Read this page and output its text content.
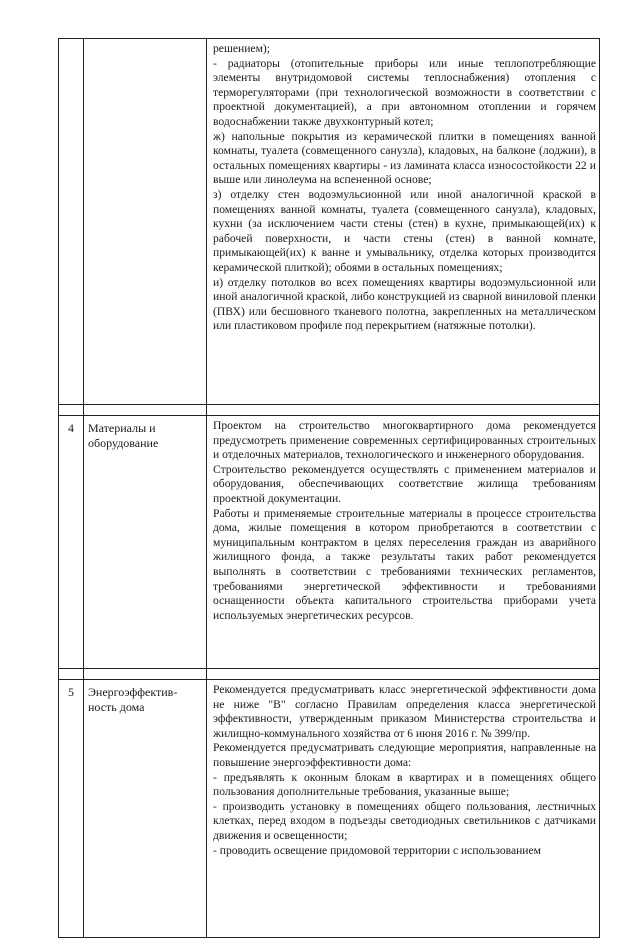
		решением);

- радиаторы (отопительные приборы или иные теплопотребляющие элементы внутридомовой системы теплоснабжения) отопления с терморегуляторами (при технологической возможности в соответствии с проектной документацией), а при автономном отоплении и горячем водоснабжении также двухконтурный котел;

ж) напольные покрытия из керамической плитки в помещениях ванной комнаты, туалета (совмещенного санузла), кладовых, на балконе (лоджии), в остальных помещениях квартиры - из ламината класса износостойкости 22 и выше или линолеума на вспененной основе;

з) отделку стен водоэмульсионной или иной аналогичной краской в помещениях ванной комнаты, туалета (совмещенного санузла), кладовых, кухни (за исключением части стены (стен) в кухне, примыкающей(их) к рабочей поверхности, и части стены (стен) в ванной комнате, примыкающей(их) к ванне и умывальнику, отделка которых производится керамической плиткой); обоями в остальных помещениях;

и) отделку потолков во всех помещениях квартиры водоэмульсионной или иной аналогичной краской, либо конструкцией из сварной виниловой пленки (ПВХ) или бесшовного тканевого полотна, закрепленных на металлическом или пластиковом профиле под перекрытием (натяжные потолки).

4	Материалы и оборудование	Проектом на строительство многоквартирного дома рекомендуется предусмотреть применение современных сертифицированных строительных и отделочных материалов, технологического и инженерного оборудования.

Строительство рекомендуется осуществлять с применением материалов и оборудования, обеспечивающих соответствие жилища требованиям проектной документации.

Работы и применяемые строительные материалы в процессе строительства дома, жилые помещения в котором приобретаются в соответствии с муниципальным контрактом в целях переселения граждан из аварийного жилищного фонда, а также результаты таких работ рекомендуется выполнять в соответствии с требованиями технических регламентов, требованиями энергетической эффективности и требованиями оснащенности объекта капитального строительства приборами учета используемых энергетических ресурсов.

5	Энергоэффектив-ность дома	Рекомендуется предусматривать класс энергетической эффективности дома не ниже "В" согласно Правилам определения класса энергетической эффективности, утвержденным приказом Министерства строительства и жилищно-коммунального хозяйства от 6 июня 2016 г. № 399/пр.

Рекомендуется предусматривать следующие мероприятия, направленные на повышение энергоэффективности дома:

- предъявлять к оконным блокам в квартирах и в помещениях общего пользования дополнительные требования, указанные выше;

- производить установку в помещениях общего пользования, лестничных клетках, перед входом в подъезды светодиодных светильников с датчиками движения и освещенности;

- проводить освещение придомовой территории с использованием
